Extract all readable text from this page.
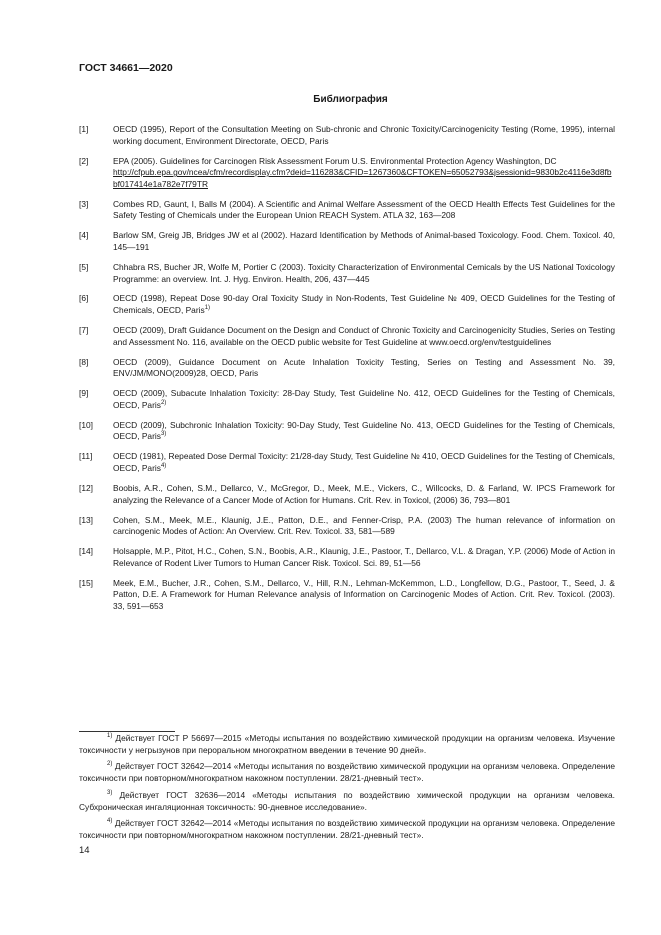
ГОСТ 34661—2020
Библиография
[1]	OECD (1995), Report of the Consultation Meeting on Sub-chronic and Chronic Toxicity/Carcinogenicity Testing (Rome, 1995), internal working document, Environment Directorate, OECD, Paris
[2]	EPA (2005). Guidelines for Carcinogen Risk Assessment Forum U.S. Environmental Protection Agency Washington, DC
http://cfpub.epa.gov/ncea/cfm/recordisplay.cfm?deid=116283&CFID=1267360&CFTOKEN=65052793&jsessionid=9830b2c4116e3d8fbbf017414e1a782e7f79TR
[3]	Combes RD, Gaunt, I, Balls M (2004). A Scientific and Animal Welfare Assessment of the OECD Health Effects Test Guidelines for the Safety Testing of Chemicals under the European Union REACH System. ATLA 32, 163—208
[4]	Barlow SM, Greig JB, Bridges JW et al (2002). Hazard Identification by Methods of Animal-based Toxicology. Food. Chem. Toxicol. 40, 145—191
[5]	Chhabra RS, Bucher JR, Wolfe M, Portier C (2003). Toxicity Characterization of Environmental Cemicals by the US National Toxicology Programme: an overview. Int. J. Hyg. Environ. Health, 206, 437—445
[6]	OECD (1998), Repeat Dose 90-day Oral Toxicity Study in Non-Rodents, Test Guideline № 409, OECD Guidelines for the Testing of Chemicals, OECD, Paris$^{1)}$
[7]	OECD (2009), Draft Guidance Document on the Design and Conduct of Chronic Toxicity and Carcinogenicity Studies, Series on Testing and Assessment No. 116, available on the OECD public website for Test Guideline at www.oecd.org/env/testguidelines
[8]	OECD (2009), Guidance Document on Acute Inhalation Toxicity Testing, Series on Testing and Assessment No. 39, ENV/JM/MONO(2009)28, OECD, Paris
[9]	OECD (2009), Subacute Inhalation Toxicity: 28-Day Study, Test Guideline No. 412, OECD Guidelines for the Testing of Chemicals, OECD, Paris$^{2)}$
[10]	OECD (2009), Subchronic Inhalation Toxicity: 90-Day Study, Test Guideline No. 413, OECD Guidelines for the Testing of Chemicals, OECD, Paris$^{3)}$
[11]	OECD (1981), Repeated Dose Dermal Toxicity: 21/28-day Study, Test Guideline № 410, OECD Guidelines for the Testing of Chemicals, OECD, Paris$^{4)}$
[12]	Boobis, A.R., Cohen, S.M., Dellarco, V., McGregor, D., Meek, M.E., Vickers, C., Willcocks, D. & Farland, W. IPCS Framework for analyzing the Relevance of a Cancer Mode of Action for Humans. Crit. Rev. in Toxicol, (2006) 36, 793—801
[13]	Cohen, S.M., Meek, M.E., Klaunig, J.E., Patton, D.E., and Fenner-Crisp, P.A. (2003) The human relevance of information on carcinogenic Modes of Action: An Overview. Crit. Rev. Toxicol. 33, 581—589
[14]	Holsapple, M.P., Pitot, H.C., Cohen, S.N., Boobis, A.R., Klaunig, J.E., Pastoor, T., Dellarco, V.L. & Dragan, Y.P. (2006) Mode of Action in Relevance of Rodent Liver Tumors to Human Cancer Risk. Toxicol. Sci. 89, 51—56
[15]	Meek, E.M., Bucher, J.R., Cohen, S.M., Dellarco, V., Hill, R.N., Lehman-McKemmon, L.D., Longfellow, D.G., Pastoor, T., Seed, J. & Patton, D.E. A Framework for Human Relevance analysis of Information on Carcinogenic Modes of Action. Crit. Rev. Toxicol. (2003). 33, 591—653
$^{1)}$ Действует ГОСТ Р 56697—2015 «Методы испытания по воздействию химической продукции на организм человека. Изучение токсичности у негрызунов при пероральном многократном введении в течение 90 дней».
$^{2)}$ Действует ГОСТ 32642—2014 «Методы испытания по воздействию химической продукции на организм человека. Определение токсичности при повторном/многократном накожном поступлении. 28/21-дневный тест».
$^{3)}$ Действует ГОСТ 32636—2014 «Методы испытания по воздействию химической продукции на организм человека. Субхроническая ингаляционная токсичность: 90-дневное исследование».
$^{4)}$ Действует ГОСТ 32642—2014 «Методы испытания по воздействию химической продукции на организм человека. Определение токсичности при повторном/многократном накожном поступлении. 28/21-дневный тест».
14
